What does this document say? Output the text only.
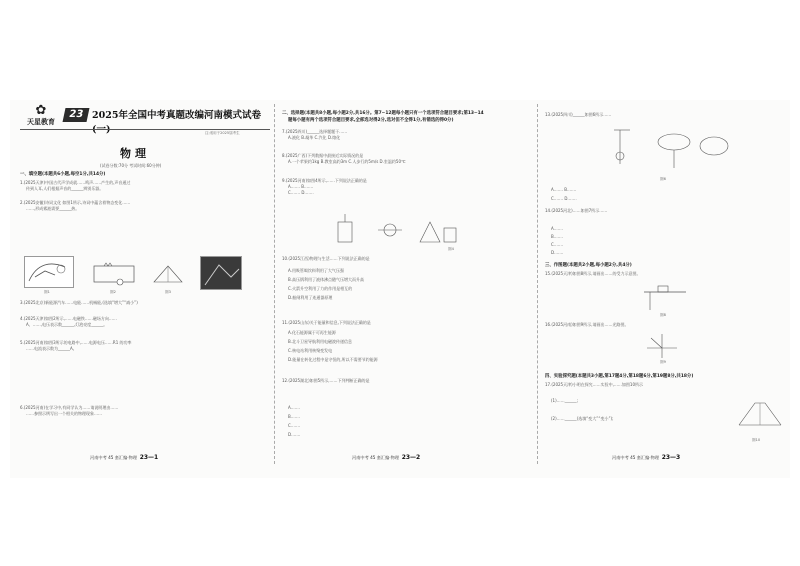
✿
天星教育
23 2025年全国中考真题改编河南模式试卷
注:适用于2025届考生
物理
(试卷分数:70分 考试时间:60分钟)
一、填空题(本题共6小题,每空1分,共14分)
1.(2025天津)中国古代声学成就……鸣声……产生的,声音通过
传到人耳,人们根据声音的______辨别乐器。
2.(2025安徽)诗词文化 如图1所示,诗词中蕴含着物态变化……
……,形成雾凇需要______热。
图1	图2	图3
3.(2025北京)新能源汽车……电能……机械能,(选填“增大”“减小”)
4.(2025天津)如图2所示,……电磁铁……磁场方向……
A、……,电压表示数______,灯泡亮度______。
5.(2025河南)如图3所示的电路中,……电源电压……R1 的功率
……电流表示数为______A。
6.(2025河南)在学习中,有同学认为……请说明理由……
……参照示例写出一个相关的物理现象……
河南中考 45 套汇编·物理 23—1
二、选择题(本题共8小题,每小题2分,共16分。第7~12题每小题只有一个选项符合题目要求;第13~14
题每小题有两个选项符合题目要求,全部选对得2分,选对但不全得1分,有错选的得0分)
7.(2025四川)______选择题题干……
A.液化 B.凝华 C.汽化 D.熔化
8.(2025广西)下列数据中最接近实际情况的是
A.一个苹果约1kg B.教室高约3m C.人步行约5m/s D.室温约50℃
9.(2025河南)如图4所示,……下列说法正确的是
A.…… B.……
C.…… D.……
图4
10.(2025江西)物理与生活……下列说法正确的是
A.用吸管喝饮料利用了大气压强
B.高压锅利用了液体沸点随气压增大而升高
C.火箭升空利用了力的作用是相互的
D.船闸利用了连通器原理
11.(2025山东)关于能量和信息,下列说法正确的是
A.化石能源属于可再生能源
B.北斗卫星导航利用电磁波传递信息
C.核电站利用核聚变发电
D.能量在转化过程中是守恒的,所以不需要节约能源
12.(2025湖北)如图5所示,……下列判断正确的是
A.……
B.……
C.……
D.……
河南中考 45 套汇编·物理 23—2
13.(2025四川)______如图6所示……
图6
A.…… B.……
C.…… D.……
14.(2025河北)……如图7所示……
A.……
B.……
C.……
D.……
三、作图题(本题共2小题,每小题2分,共4分)
15.(2025天津)如图8所示,请画出……的受力示意图。
图8
16.(2025河南)如图9所示,请画出……光路图。
图9
四、实验探究题(本题共3小题,第17题4分,第18题6分,第19题8分,共18分)
17.(2025天津)小明在探究……实验中,……如图10所示
(1)……______;
(2)……______(选填“变大”“变小”);
图10
河南中考 45 套汇编·物理 23—3
